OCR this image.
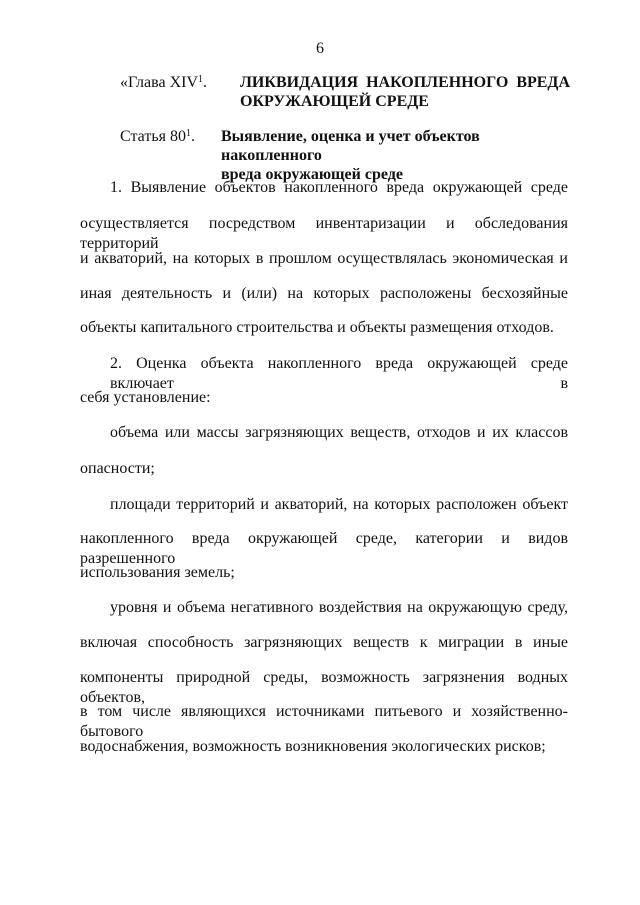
6
«Глава XIV$^1$. ЛИКВИДАЦИЯ НАКОПЛЕННОГО ВРЕДА
ОКРУЖАЮЩЕЙ СРЕДЕ
Статья $80^1$. Выявление, оценка и учет объектов накопленного
вреда окружающей среде
1. Выявление объектов накопленного вреда окружающей среде
осуществляется посредством инвентаризации и обследования территорий
и акваторий, на которых в прошлом осуществлялась экономическая и
иная деятельность и (или) на которых расположены бесхозяйные
объекты капитального строительства и объекты размещения отходов.
2. Оценка объекта накопленного вреда окружающей среде включает в
себя установление:
объема или массы загрязняющих веществ, отходов и их классов
опасности;
площади территорий и акваторий, на которых расположен объект
накопленного вреда окружающей среде, категории и видов разрешенного
использования земель;
уровня и объема негативного воздействия на окружающую среду,
включая способность загрязняющих веществ к миграции в иные
компоненты природной среды, возможность загрязнения водных объектов,
в том числе являющихся источниками питьевого и хозяйственно-бытового
водоснабжения, возможность возникновения экологических рисков;
